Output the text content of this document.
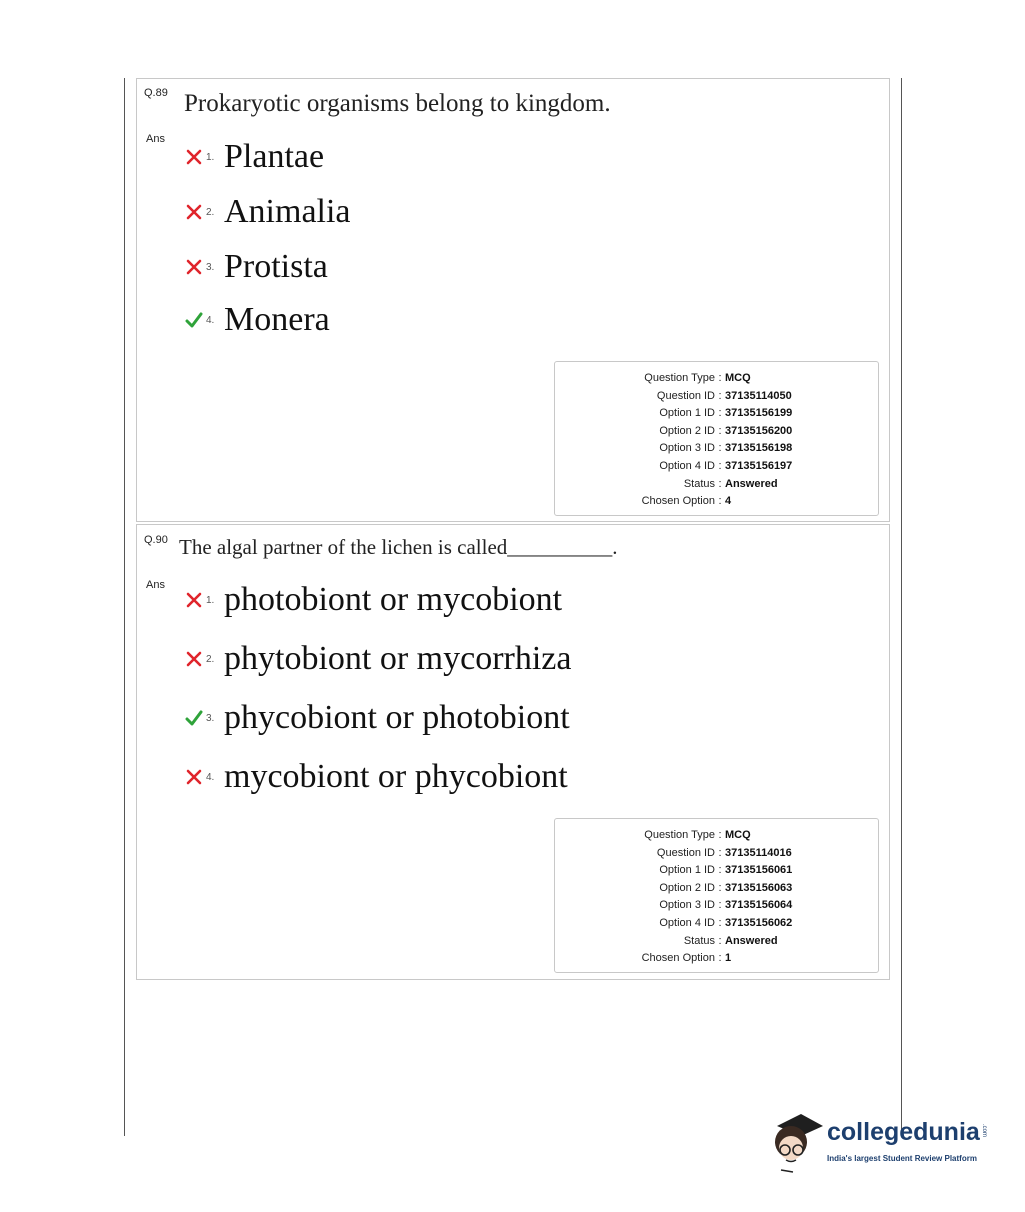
Q.89 Prokaryotic organisms belong to kingdom.
Ans
1. Plantae
2. Animalia
3. Protista
4. Monera
Question Type : MCQ
Question ID : 37135114050
Option 1 ID : 37135156199
Option 2 ID : 37135156200
Option 3 ID : 37135156198
Option 4 ID : 37135156197
Status : Answered
Chosen Option : 4
Q.90 The algal partner of the lichen is called__________.
Ans
1. photobiont or mycobiont
2. phytobiont or mycorrhiza
3. phycobiont or photobiont
4. mycobiont or phycobiont
Question Type : MCQ
Question ID : 37135114016
Option 1 ID : 37135156061
Option 2 ID : 37135156063
Option 3 ID : 37135156064
Option 4 ID : 37135156062
Status : Answered
Chosen Option : 1
collegedunia .com
India's largest Student Review Platform
